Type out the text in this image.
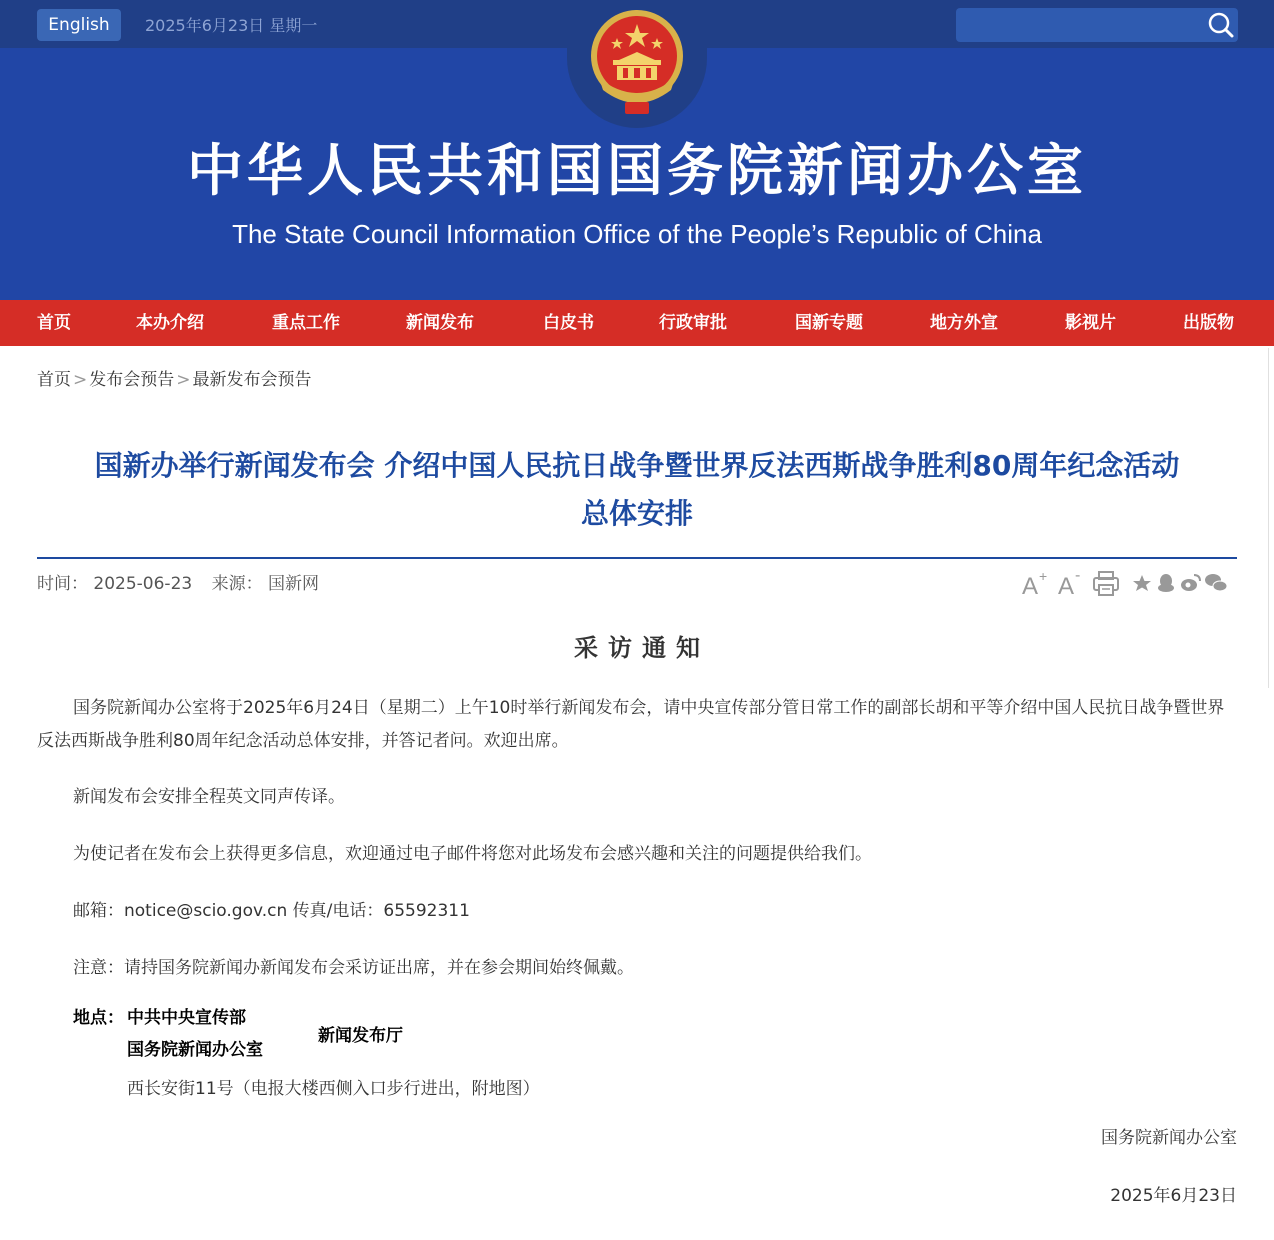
English	2025年6月23日 星期一
中华人民共和国国务院新闻办公室
The State Council Information Office of the People’s Republic of China
首页	本办介绍	重点工作	新闻发布	白皮书	行政审批	国新专题	地方外宣	影视片	出版物
首页 > 发布会预告 > 最新发布会预告
国新办举行新闻发布会 介绍中国人民抗日战争暨世界反法西斯战争胜利80周年纪念活动
总体安排
时间： 2025-06-23 来源： 国新网	A + A -
采访通知
国务院新闻办公室将于2025年6月24日（星期二）上午10时举行新闻发布会，请中央宣传部分管日常工作的副部长胡和平等介绍中国人民抗日战争暨世界反法西斯战争胜利80周年纪念活动总体安排，并答记者问。欢迎出席。
新闻发布会安排全程英文同声传译。
为使记者在发布会上获得更多信息，欢迎通过电子邮件将您对此场发布会感兴趣和关注的问题提供给我们。
邮箱：notice@scio.gov.cn 传真/电话：65592311
注意：请持国务院新闻办新闻发布会采访证出席，并在参会期间始终佩戴。
地点： 中共中央宣传部
国务院新闻办公室
新闻发布厅
西长安街11号（电报大楼西侧入口步行进出，附地图）
国务院新闻办公室
2025年6月23日
